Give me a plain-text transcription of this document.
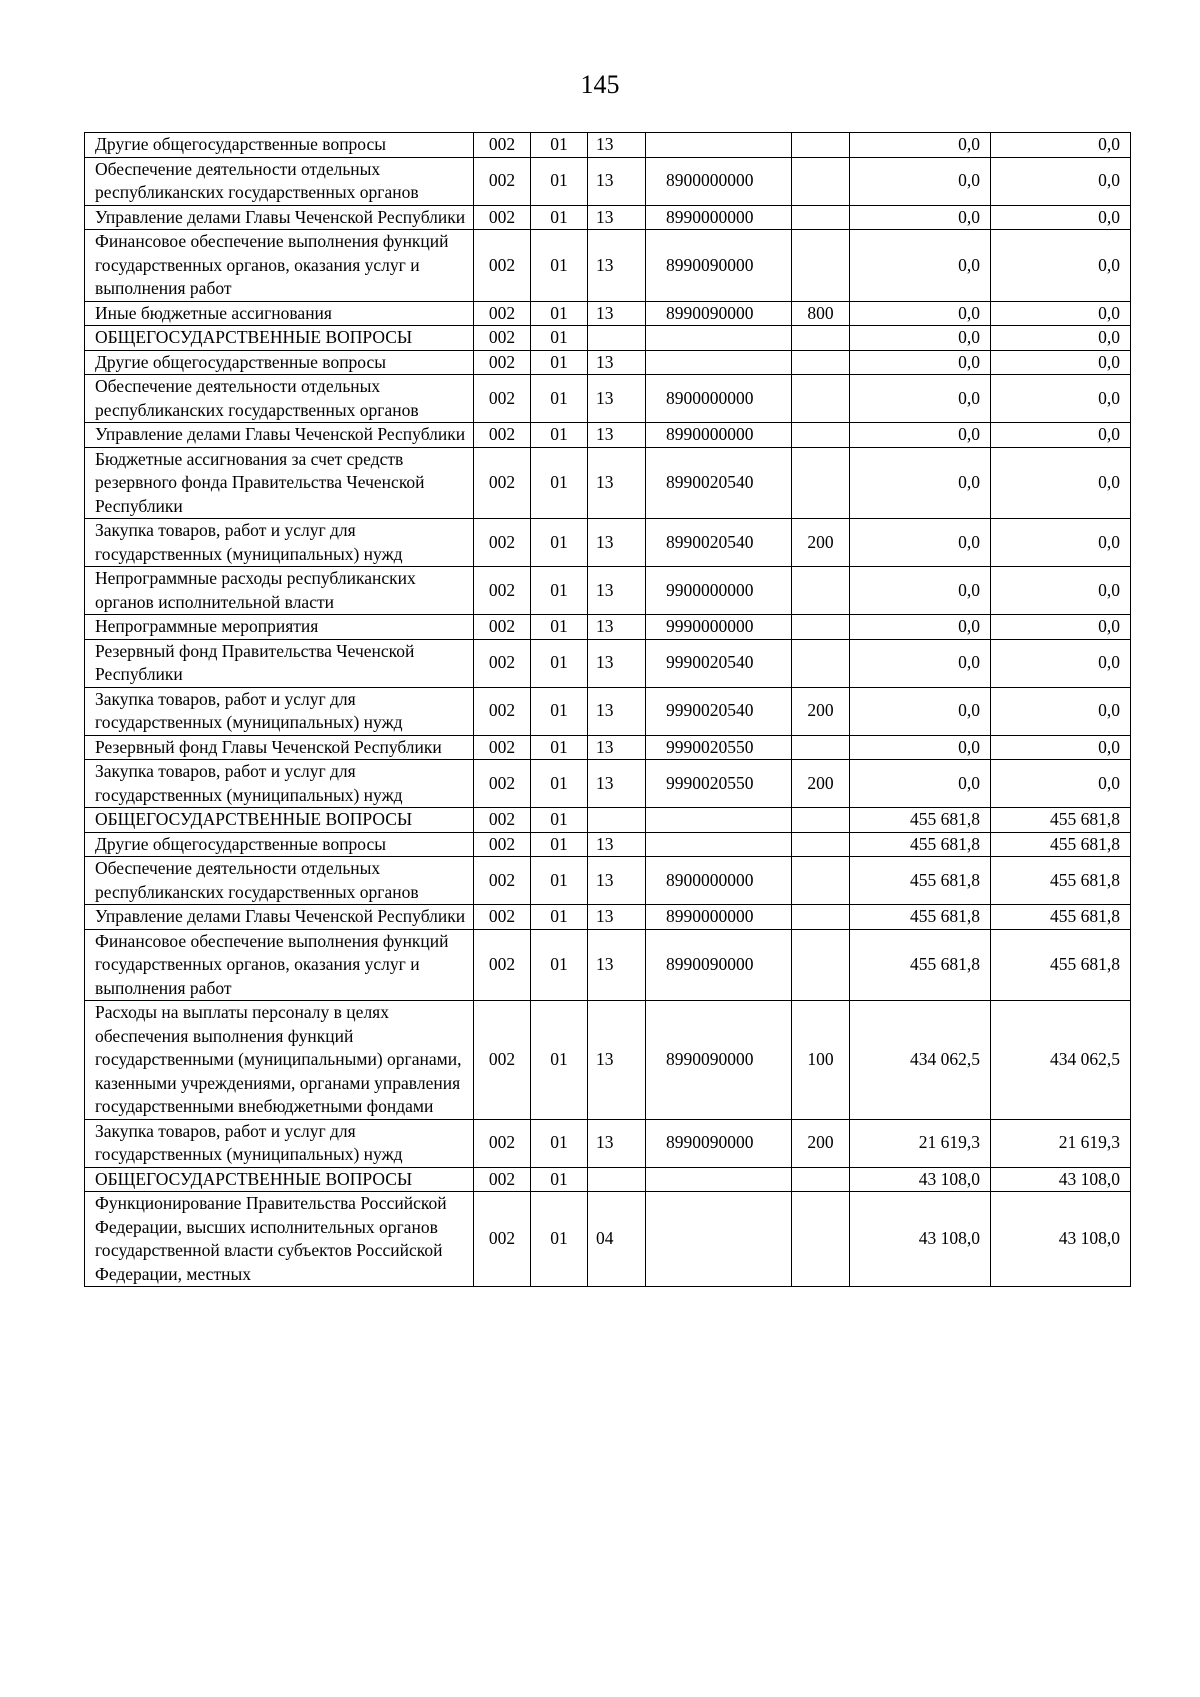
145
Другие общегосударственные вопросы	002	01	13			0,0	0,0
Обеспечение деятельности отдельных республиканских государственных органов	002	01	13	8900000000		0,0	0,0
Управление делами Главы Чеченской Республики	002	01	13	8990000000		0,0	0,0
Финансовое обеспечение выполнения функций государственных органов, оказания услуг и выполнения работ	002	01	13	8990090000		0,0	0,0
Иные бюджетные ассигнования	002	01	13	8990090000	800	0,0	0,0
ОБЩЕГОСУДАРСТВЕННЫЕ ВОПРОСЫ	002	01				0,0	0,0
Другие общегосударственные вопросы	002	01	13			0,0	0,0
Обеспечение деятельности отдельных республиканских государственных органов	002	01	13	8900000000		0,0	0,0
Управление делами Главы Чеченской Республики	002	01	13	8990000000		0,0	0,0
Бюджетные ассигнования за счет средств резервного фонда Правительства Чеченской Республики	002	01	13	8990020540		0,0	0,0
Закупка товаров, работ и услуг для государственных (муниципальных) нужд	002	01	13	8990020540	200	0,0	0,0
Непрограммные расходы республиканских органов исполнительной власти	002	01	13	9900000000		0,0	0,0
Непрограммные мероприятия	002	01	13	9990000000		0,0	0,0
Резервный фонд Правительства Чеченской Республики	002	01	13	9990020540		0,0	0,0
Закупка товаров, работ и услуг для государственных (муниципальных) нужд	002	01	13	9990020540	200	0,0	0,0
Резервный фонд Главы Чеченской Республики	002	01	13	9990020550		0,0	0,0
Закупка товаров, работ и услуг для государственных (муниципальных) нужд	002	01	13	9990020550	200	0,0	0,0
ОБЩЕГОСУДАРСТВЕННЫЕ ВОПРОСЫ	002	01				455 681,8	455 681,8
Другие общегосударственные вопросы	002	01	13			455 681,8	455 681,8
Обеспечение деятельности отдельных республиканских государственных органов	002	01	13	8900000000		455 681,8	455 681,8
Управление делами Главы Чеченской Республики	002	01	13	8990000000		455 681,8	455 681,8
Финансовое обеспечение выполнения функций государственных органов, оказания услуг и выполнения работ	002	01	13	8990090000		455 681,8	455 681,8
Расходы на выплаты персоналу в целях обеспечения выполнения функций государственными (муниципальными) органами, казенными учреждениями, органами управления государственными внебюджетными фондами	002	01	13	8990090000	100	434 062,5	434 062,5
Закупка товаров, работ и услуг для государственных (муниципальных) нужд	002	01	13	8990090000	200	21 619,3	21 619,3
ОБЩЕГОСУДАРСТВЕННЫЕ ВОПРОСЫ	002	01				43 108,0	43 108,0
Функционирование Правительства Российской Федерации, высших исполнительных органов государственной власти субъектов Российской Федерации, местных	002	01	04			43 108,0	43 108,0
